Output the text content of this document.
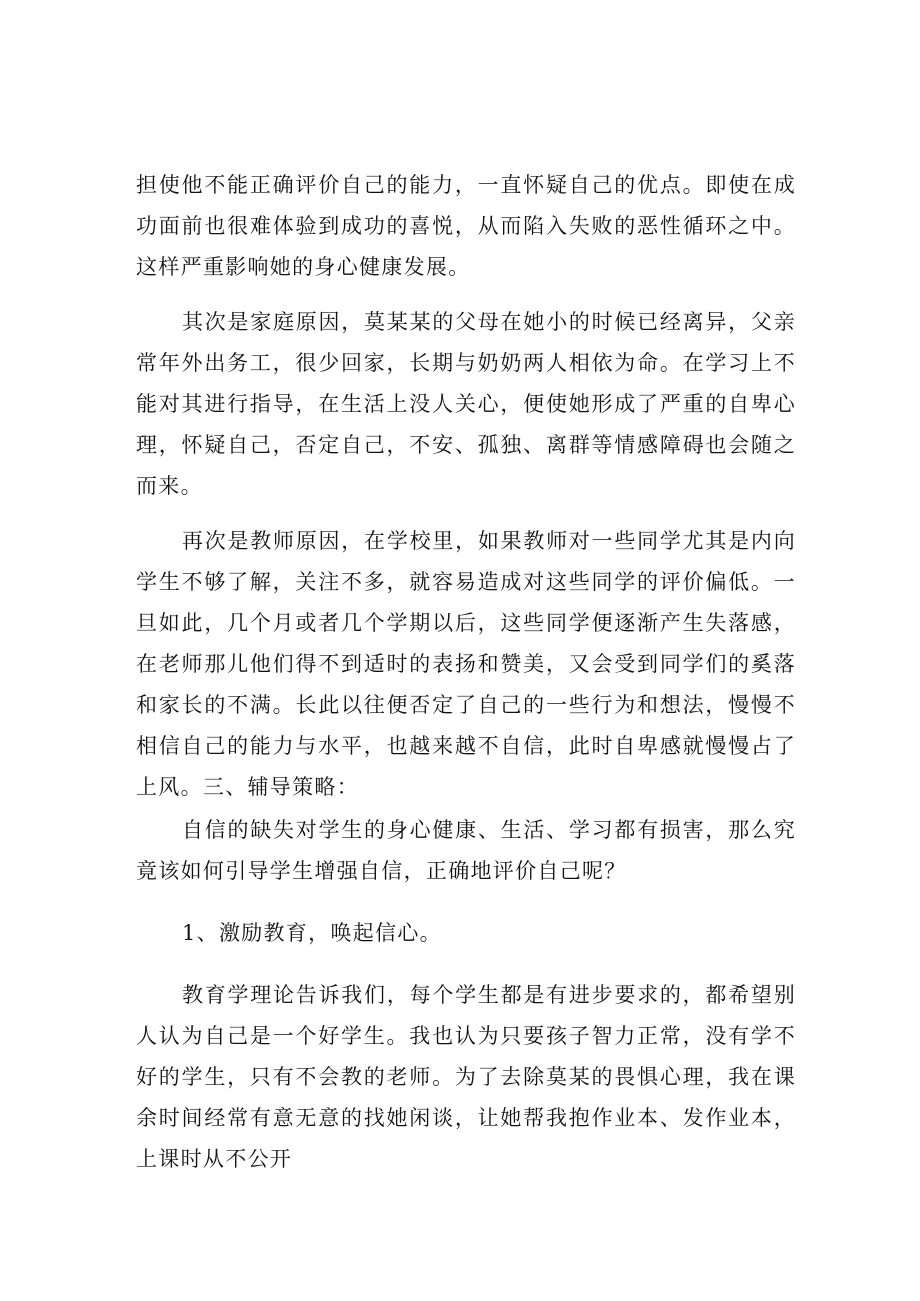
担使他不能正确评价自己的能力，一直怀疑自己的优点。即使在成功面前也很难体验到成功的喜悦，从而陷入失败的恶性循环之中。这样严重影响她的身心健康发展。

其次是家庭原因，莫某某的父母在她小的时候已经离异，父亲常年外出务工，很少回家，长期与奶奶两人相依为命。在学习上不能对其进行指导，在生活上没人关心，便使她形成了严重的自卑心理，怀疑自己，否定自己，不安、孤独、离群等情感障碍也会随之而来。

再次是教师原因，在学校里，如果教师对一些同学尤其是内向学生不够了解，关注不多，就容易造成对这些同学的评价偏低。一旦如此，几个月或者几个学期以后，这些同学便逐渐产生失落感，在老师那儿他们得不到适时的表扬和赞美，又会受到同学们的奚落和家长的不满。长此以往便否定了自己的一些行为和想法，慢慢不相信自己的能力与水平，也越来越不自信，此时自卑感就慢慢占了上风。三、辅导策略：

自信的缺失对学生的身心健康、生活、学习都有损害，那么究竟该如何引导学生增强自信，正确地评价自己呢？

1、激励教育，唤起信心。

教育学理论告诉我们，每个学生都是有进步要求的，都希望别人认为自己是一个好学生。我也认为只要孩子智力正常，没有学不好的学生，只有不会教的老师。为了去除莫某的畏惧心理，我在课余时间经常有意无意的找她闲谈，让她帮我抱作业本、发作业本，上课时从不公开
